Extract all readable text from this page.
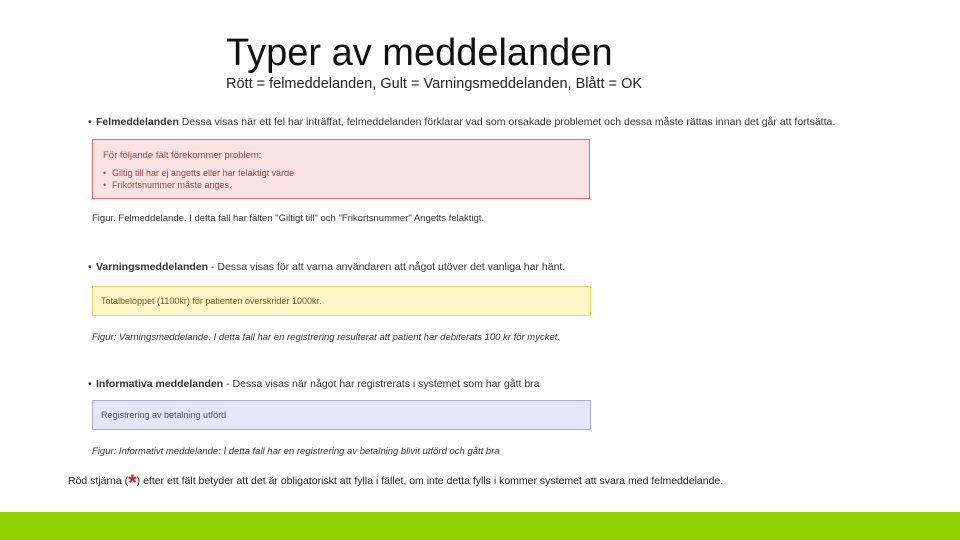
Typer av meddelanden
Rött = felmeddelanden, Gult = Varningsmeddelanden, Blått = OK
• Felmeddelanden Dessa visas när ett fel har inträffat, felmeddelanden förklarar vad som orsakade problemet och dessa måste rättas innan det går att fortsätta.
För följande fält förekommer problem:
• Giltig till har ej angetts eller har felaktigt värde
• Frikortsnummer måste anges.
Figur. Felmeddelande. I detta fall har fälten "Giltigt till" och "Frikortsnummer" Angetts felaktigt.
• Varningsmeddelanden - Dessa visas för att varna användaren att något utöver det vanliga har hänt.
Totalbeloppet (1100kr) för patienten overskrider 1000kr.
Figur: Varningsmeddelande, I detta fall har en registrering resulterat att patient har debiterats 100 kr för mycket.
• Informativa meddelanden - Dessa visas när något har registrerats i systemet som har gått bra
Registrering av betalning utförd
Figur: Informativt meddelande: I detta fall har en registrering av betalning blivit utförd och gått bra
Röd stjärna (*) efter ett fält betyder att det är obligatoriskt att fylla i fället, om inte detta fylls i kommer systemet att svara med felmeddelande.
